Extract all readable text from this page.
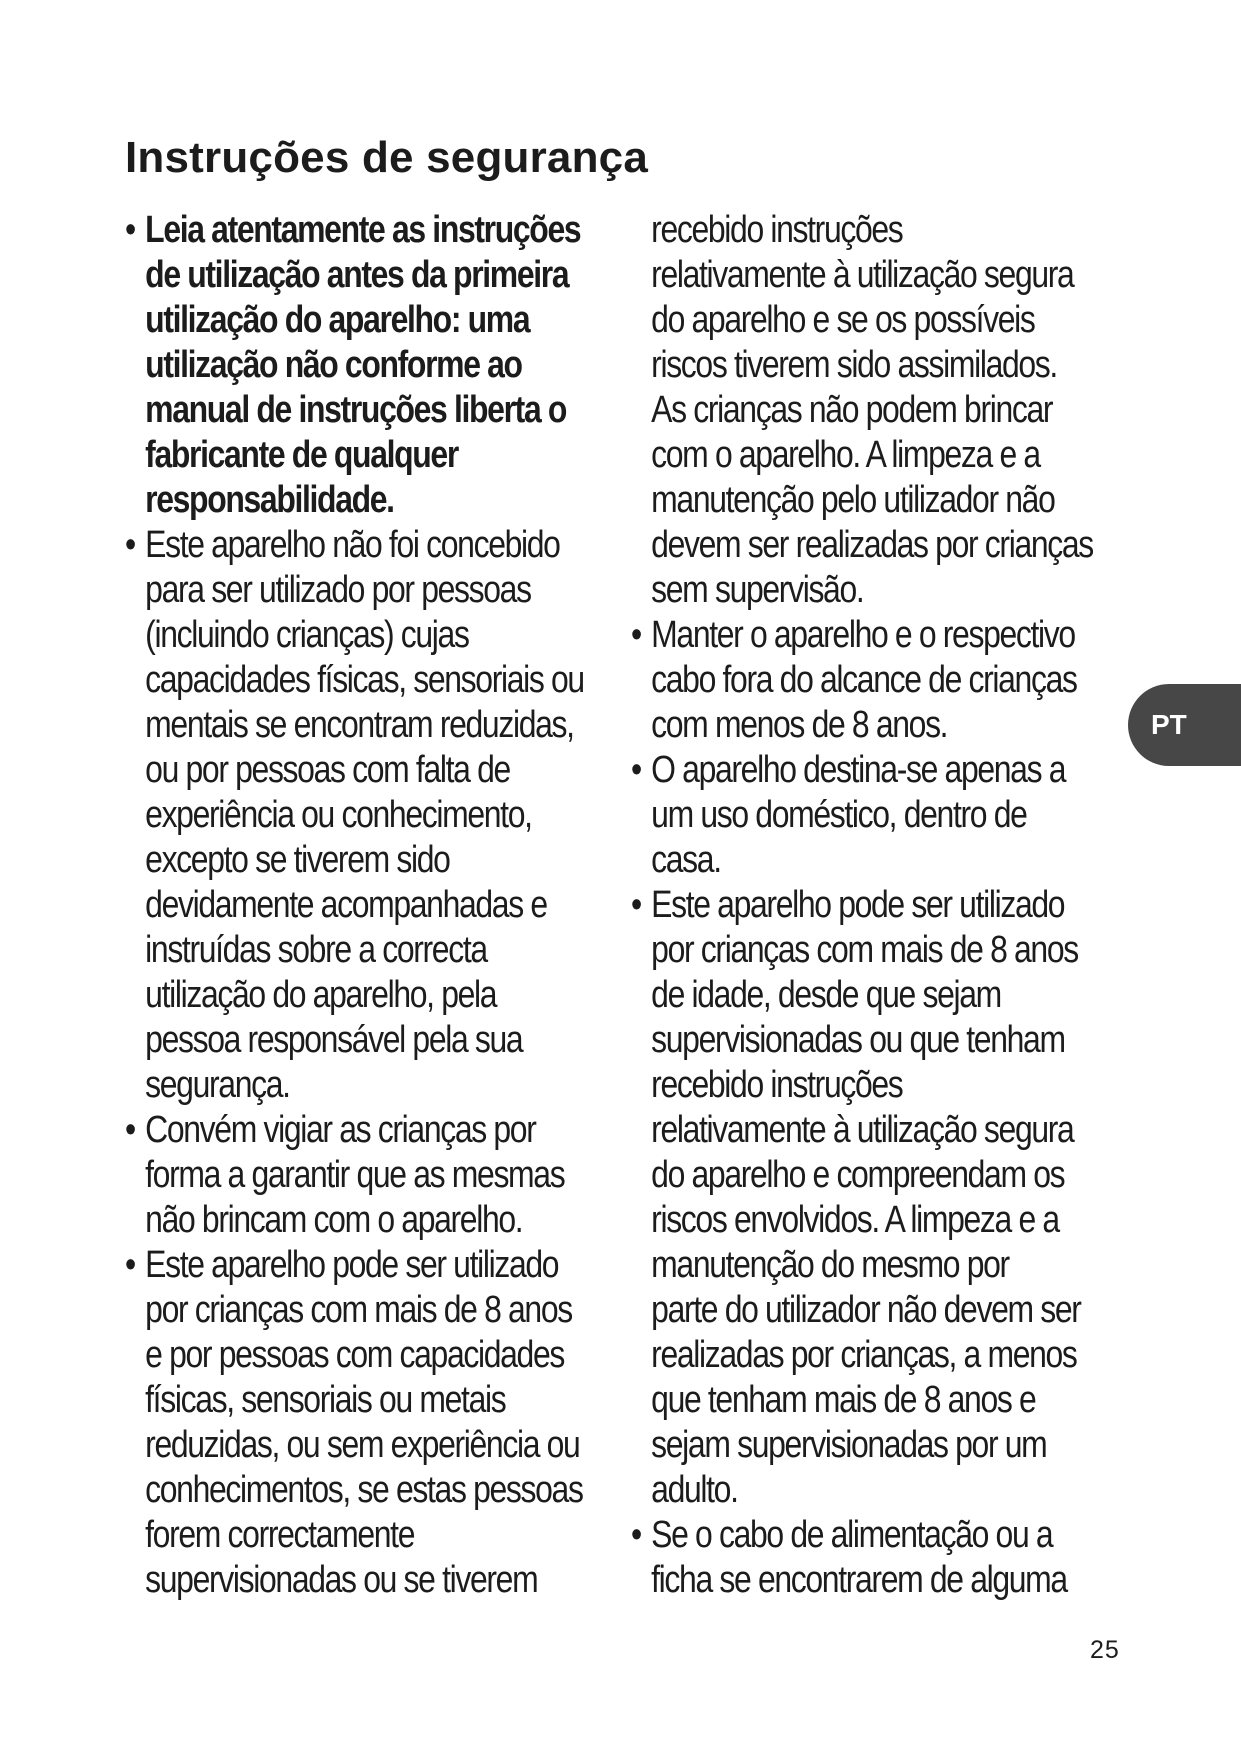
Instruções de segurança
• Leia atentamente as instruções
de utilização antes da primeira
utilização do aparelho: uma
utilização não conforme ao
manual de instruções liberta o
fabricante de qualquer
responsabilidade.
• Este aparelho não foi concebido
para ser utilizado por pessoas
(incluindo crianças) cujas
capacidades físicas, sensoriais ou
mentais se encontram reduzidas,
ou por pessoas com falta de
experiência ou conhecimento,
excepto se tiverem sido
devidamente acompanhadas e
instruídas sobre a correcta
utilização do aparelho, pela
pessoa responsável pela sua
segurança.
• Convém vigiar as crianças por
forma a garantir que as mesmas
não brincam com o aparelho.
• Este aparelho pode ser utilizado
por crianças com mais de 8 anos
e por pessoas com capacidades
físicas, sensoriais ou metais
reduzidas, ou sem experiência ou
conhecimentos, se estas pessoas
forem correctamente
supervisionadas ou se tiverem
recebido instruções
relativamente à utilização segura
do aparelho e se os possíveis
riscos tiverem sido assimilados.
As crianças não podem brincar
com o aparelho. A limpeza e a
manutenção pelo utilizador não
devem ser realizadas por crianças
sem supervisão.
• Manter o aparelho e o respectivo
cabo fora do alcance de crianças
com menos de 8 anos.
• O aparelho destina-se apenas a
um uso doméstico, dentro de
casa.
• Este aparelho pode ser utilizado
por crianças com mais de 8 anos
de idade, desde que sejam
supervisionadas ou que tenham
recebido instruções
relativamente à utilização segura
do aparelho e compreendam os
riscos envolvidos. A limpeza e a
manutenção do mesmo por
parte do utilizador não devem ser
realizadas por crianças, a menos
que tenham mais de 8 anos e
sejam supervisionadas por um
adulto.
• Se o cabo de alimentação ou a
ficha se encontrarem de alguma
PT
25
